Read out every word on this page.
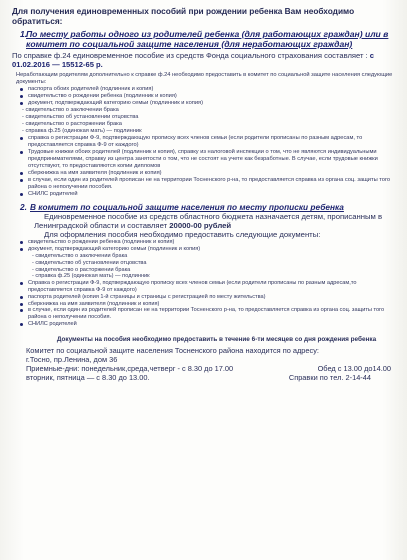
Для получения единовременных пособий при рождении ребенка Вам необходимо обратиться:
1.
По месту работы одного из родителей ребенка (для работающих граждан) или в комитет по социальной защите населения (для неработающих граждан)
По справке ф.24 единовременное пособие из средств Фонда социального страхования составляет : с 01.02.2016 — 15512-65 р.
Неработающим родителям дополнительно к справке ф.24 необходимо предоставить в комитет по социальной защите населения следующие документы:
паспорта обоих родителей (подлинник и копия)
свидетельство о рождении ребенка (подлинник и копия)
документ, подтверждающий категорию семьи (подлинник и копия)
- свидетельство о заключении брака
- свидетельство об установлении отцовства
- свидетельство о расторжении брака
- справка ф.25 (одинокая мать) — подлинник
справка о регистрации Ф-9, подтверждающую прописку всех членов семьи (если родители прописаны по разным адресам, то предоставляется справка Ф-9 от каждого)
Трудовые книжки обоих родителей (подлинник и копия), справку из налоговой инспекции о том, что не являются индивидуальными предпринимателями, справку из центра занятости о том, что не состоят на учете как безработные. В случае, если трудовые книжки отсутствуют, то предоставляются копии дипломов
сберкнижка на имя заявителя (подлинник и копия)
в случае, если один из родителей прописан не на территории Тосненского р-на, то предоставляется справка из органа соц. защиты того района о неполучении пособия.
СНИЛС родителей
2. В комитет по социальной защите населения по месту прописки ребенка
Единовременное пособие из средств областного бюджета назначается детям, прописанным в Ленинградской области и составляет 20000-00 рублей
Для оформления пособия необходимо предоставить следующие документы:
свидетельство о рождении ребенка (подлинник и копия)
документ, подтверждающий категорию семьи (подлинник и копия)
- свидетельство о заключении брака
- свидетельство об установлении отцовства
- свидетельство о расторжении брака
- справка ф.25 (одинокая мать) — подлинник
Справка о регистрации Ф-9, подтверждающую прописку всех членов семьи (если родители прописаны по разным адресам,то предоставляется справка Ф-9 от каждого)
паспорта родителей (копия 1-й страницы и страницы с регистрацией по месту жительства)
сберкнижка на имя заявителя (подлинник и копия)
в случае, если один из родителей прописан не на территории Тосненского р-на, то предоставляется справка из органа соц. защиты того района о неполучении пособия.
СНИЛС родителей
Документы на пособия необходимо предоставить в течение 6-ти месяцев со дня рождения ребенка
Комитет по социальной защите населения Тосненского района находится по адресу:
г.Тосно, пр.Ленина, дом 36
Приемные-дни: понедельник,среда,четверг - с 8.30 до 17.00	Обед с 13.00 до14.00
вторник, пятница — с 8.30 до 13.00.	Справки по тел. 2-14-44
